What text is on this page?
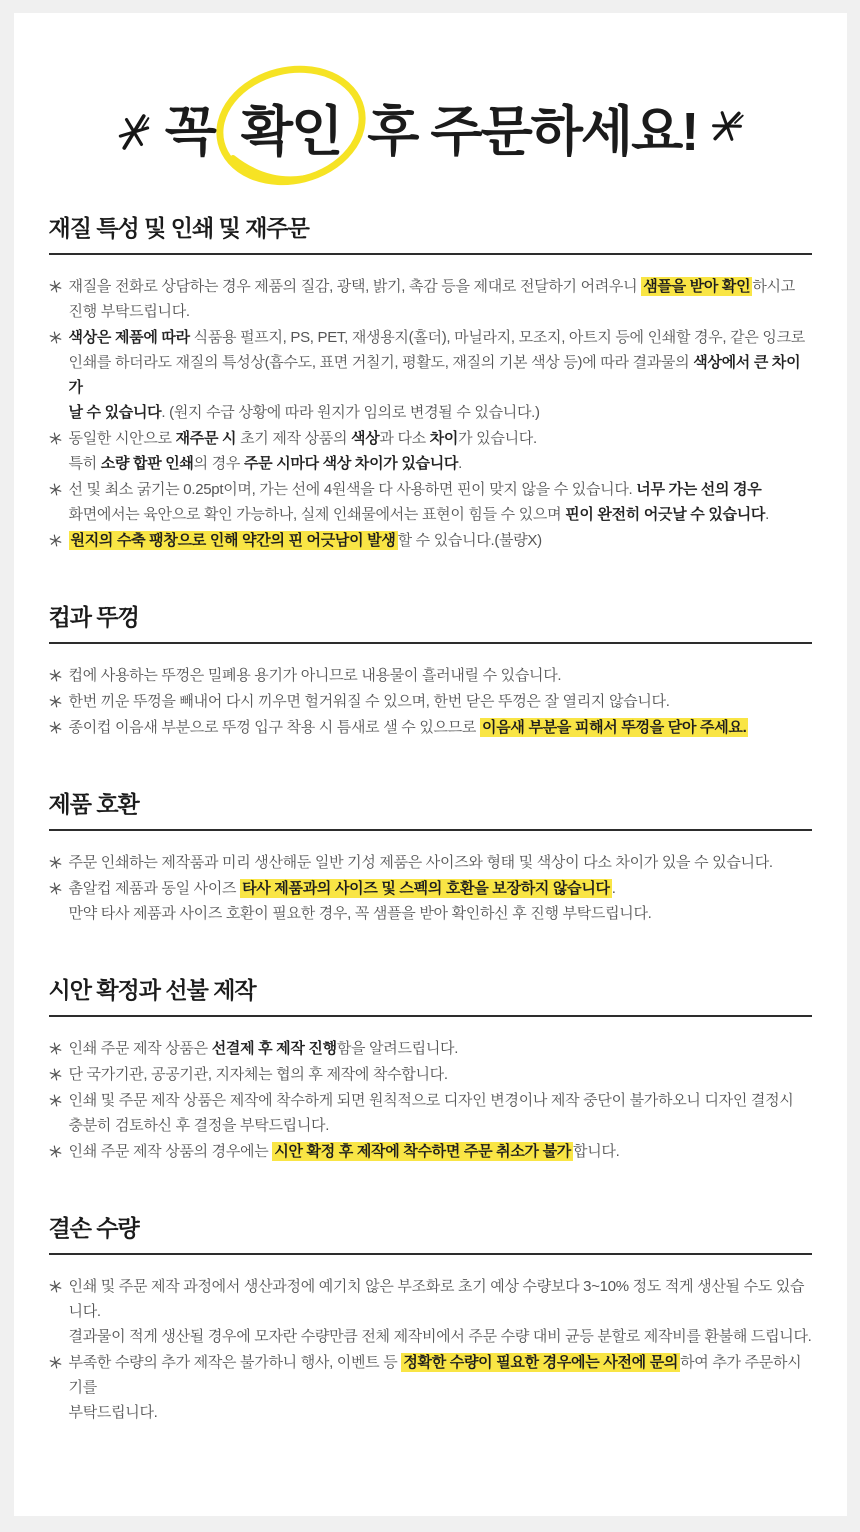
꼭 확인 후 주문하세요!
재질 특성 및 인쇄 및 재주문
재질을 전화로 상담하는 경우 제품의 질감, 광택, 밝기, 촉감 등을 제대로 전달하기 어려우니 샘플을 받아 확인 하시고
진행 부탁드립니다.
색상은 제품에 따라 식품용 펄프지, PS, PET, 재생용지(홀더), 마닐라지, 모조지, 아트지 등에 인쇄할 경우, 같은 잉크로
인쇄를 하더라도 재질의 특성상(흡수도, 표면 거칠기, 평활도, 재질의 기본 색상 등)에 따라 결과물의 색상에서 큰 차이가
날 수 있습니다. (원지 수급 상황에 따라 원지가 임의로 변경될 수 있습니다.)
동일한 시안으로 재주문 시 초기 제작 상품의 색상과 다소 차이가 있습니다.
특히 소량 합판 인쇄의 경우 주문 시마다 색상 차이가 있습니다.
선 및 최소 굵기는 0.25pt이며, 가는 선에 4원색을 다 사용하면 핀이 맞지 않을 수 있습니다. 너무 가는 선의 경우
화면에서는 육안으로 확인 가능하나, 실제 인쇄물에서는 표현이 힘들 수 있으며 핀이 완전히 어긋날 수 있습니다.
원지의 수축 팽창으로 인해 약간의 핀 어긋남이 발생 할 수 있습니다.(불량X)
컵과 뚜껑
컵에 사용하는 뚜껑은 밀폐용 용기가 아니므로 내용물이 흘러내릴 수 있습니다.
한번 끼운 뚜껑을 빼내어 다시 끼우면 헐거워질 수 있으며, 한번 닫은 뚜껑은 잘 열리지 않습니다.
종이컵 이음새 부분으로 뚜껑 입구 착용 시 틈새로 샐 수 있으므로 이음새 부분을 피해서 뚜껑을 닫아 주세요.
제품 호환
주문 인쇄하는 제작품과 미리 생산해둔 일반 기성 제품은 사이즈와 형태 및 색상이 다소 차이가 있을 수 있습니다.
촘알컵 제품과 동일 사이즈 타사 제품과의 사이즈 및 스펙의 호환을 보장하지 않습니다 .
만약 타사 제품과 사이즈 호환이 필요한 경우, 꼭 샘플을 받아 확인하신 후 진행 부탁드립니다.
시안 확정과 선불 제작
인쇄 주문 제작 상품은 선결제 후 제작 진행함을 알려드립니다.
단 국가기관, 공공기관, 지자체는 협의 후 제작에 착수합니다.
인쇄 및 주문 제작 상품은 제작에 착수하게 되면 원칙적으로 디자인 변경이나 제작 중단이 불가하오니 디자인 결정시
충분히 검토하신 후 결정을 부탁드립니다.
인쇄 주문 제작 상품의 경우에는 시안 확정 후 제작에 착수하면 주문 취소가 불가 합니다.
결손 수량
인쇄 및 주문 제작 과정에서 생산과정에 예기치 않은 부조화로 초기 예상 수량보다 3~10% 정도 적게 생산될 수도 있습니다.
결과물이 적게 생산될 경우에 모자란 수량만큼 전체 제작비에서 주문 수량 대비 균등 분할로 제작비를 환불해 드립니다.
부족한 수량의 추가 제작은 불가하니 행사, 이벤트 등 정확한 수량이 필요한 경우에는 사전에 문의 하여 추가 주문하시기를
부탁드립니다.
